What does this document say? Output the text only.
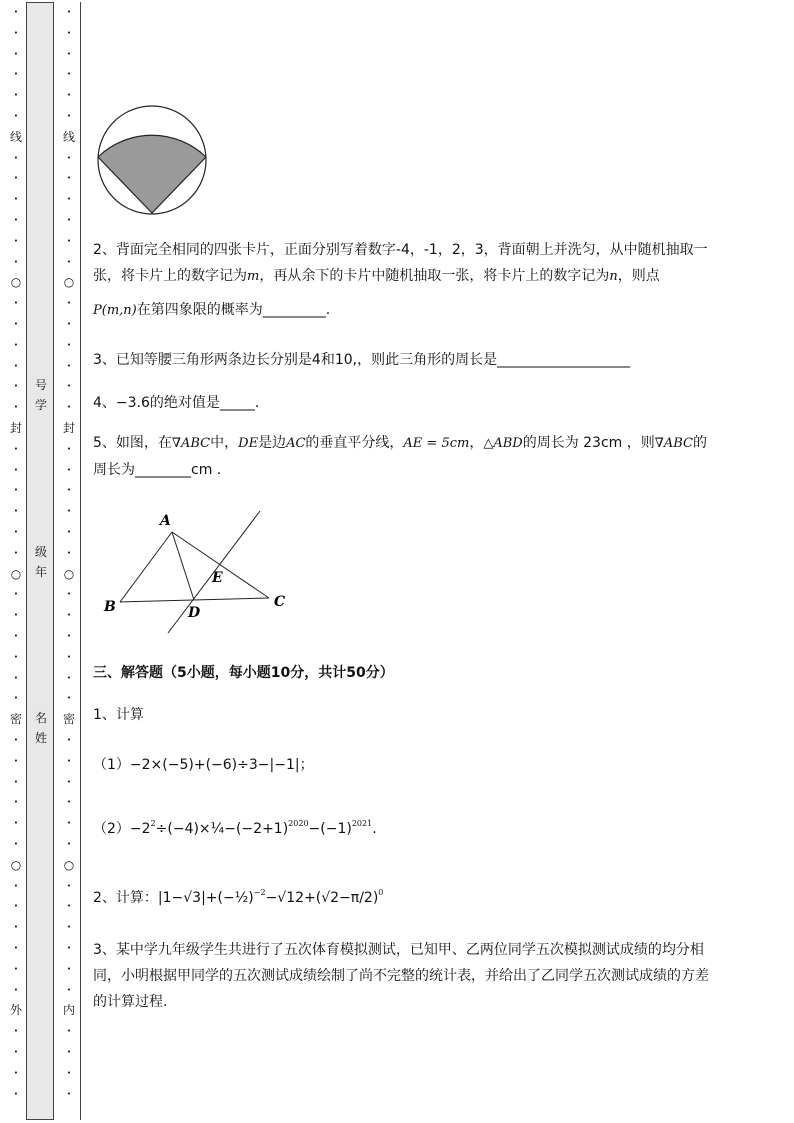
•
•
•
•
•
•
线
•
•
•
•
•
•
○
•
•
•
•
•
•
封
•
•
•
•
•
•
○
•
•
•
•
•
•
密
•
•
•
•
•
•
○
•
•
•
•
•
•
外
•
•
•
•
•
•
•
•
•
•
线
•
•
•
•
•
•
○
•
•
•
•
•
•
封
•
•
•
•
•
•
○
•
•
•
•
•
•
密
•
•
•
•
•
•
○
•
•
•
•
•
•
内
•
•
•
•
号学
级年
名姓
2、背面完全相同的四张卡片，正面分别写着数字-4，-1，2，3，背面朝上并洗匀，从中随机抽取一
张，将卡片上的数字记为m，再从余下的卡片中随机抽取一张，将卡片上的数字记为n，则点
P(m,n)在第四象限的概率为_________.
3、已知等腰三角形两条边长分别是4和10,，则此三角形的周长是___________________
4、−3.6的绝对值是_____.
5、如图，在∇ABC中，DE是边AC的垂直平分线，AE = 5cm，△ABD的周长为 23cm ，则∇ABC的
周长为________cm .
A
B	C
D
E
三、解答题（5小题，每小题10分，共计50分）
1、计算
（1）−2×(−5)+(−6)÷3−|−1|；
$(2)-2^2\div(-4)\times\frac{1}{4}-(-2+1)^{2020}-(-1)^{2021}$.
2、计算：$|1-√3|+(-\frac{1}{2})^{-2}-√12+(√2-\pi/2)^0$
3、某中学九年级学生共进行了五次体育模拟测试，已知甲、乙两位同学五次模拟测试成绩的均分相
同，小明根据甲同学的五次测试成绩绘制了尚不完整的统计表，并给出了乙同学五次测试成绩的方差
的计算过程.
